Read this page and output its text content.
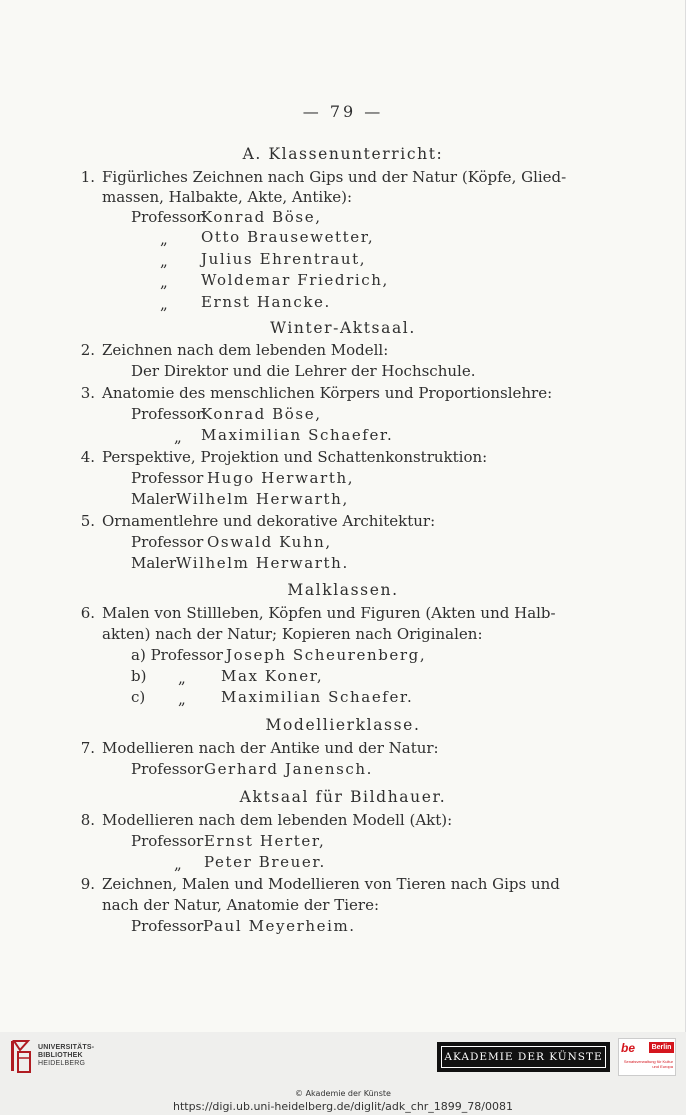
— 79 —
A. Klassenunterricht:
1. Figürliches Zeichnen nach Gips und der Natur (Köpfe, Glied-
massen, Halbakte, Akte, Antike):
Professor
Konrad Böse,
„ Otto Brausewetter,
„ Julius Ehrentraut,
„ Woldemar Friedrich,
„ Ernst Hancke.
Winter-Aktsaal.
2. Zeichnen nach dem lebenden Modell:
Der Direktor und die Lehrer der Hochschule.
3. Anatomie des menschlichen Körpers und Proportionslehre:
Professor
Konrad Böse,
„ Maximilian Schaefer.
4. Perspektive, Projektion und Schattenkonstruktion:
Professor Hugo Herwarth,
Maler Wilhelm Herwarth,
5. Ornamentlehre und dekorative Architektur:
Professor Oswald Kuhn,
Maler Wilhelm Herwarth.
Malklassen.
6. Malen von Stillleben, Köpfen und Figuren (Akten und Halb-
akten) nach der Natur; Kopieren nach Originalen:
a) Professor Joseph Scheurenberg,
b) „ Max Koner,
c) „ Maximilian Schaefer.
Modellierklasse.
7. Modellieren nach der Antike und der Natur:
Professor Gerhard Janensch.
Aktsaal für Bildhauer.
8. Modellieren nach dem lebenden Modell (Akt):
Professor Ernst Herter,
„ Peter Breuer.
9. Zeichnen, Malen und Modellieren von Tieren nach Gips und
nach der Natur, Anatomie der Tiere:
Professor Paul Meyerheim.
UNIVERSITÄTS-
BIBLIOTHEK
HEIDELBERG
AKADEMIE DER KÜNSTE
be	Berlin
Senatsverwaltung für Kultur und Europa
© Akademie der Künste
https://digi.ub.uni-heidelberg.de/diglit/adk_chr_1899_78/0081
